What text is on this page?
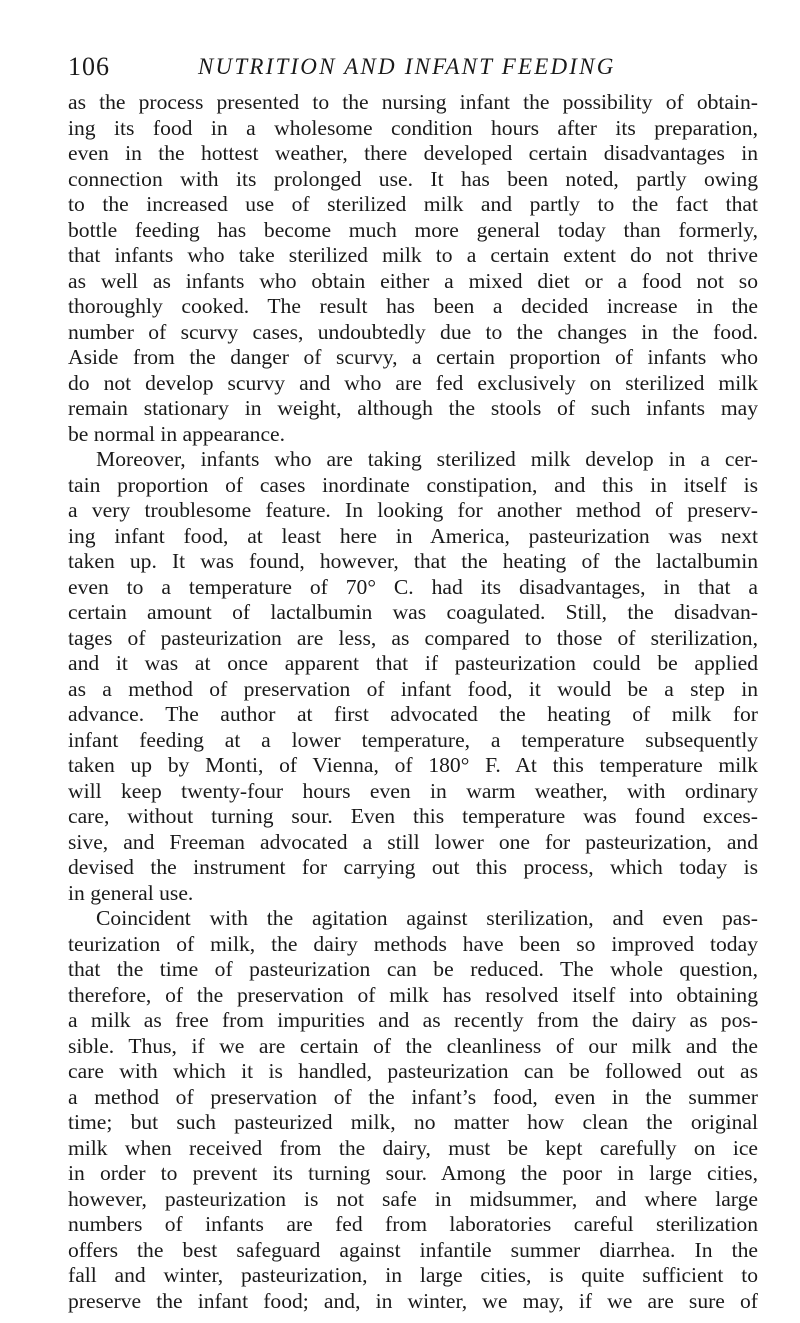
106	NUTRITION AND INFANT FEEDING

as the process presented to the nursing infant the possibility of obtain-
ing its food in a wholesome condition hours after its preparation,
even in the hottest weather, there developed certain disadvantages in
connection with its prolonged use. It has been noted, partly owing
to the increased use of sterilized milk and partly to the fact that
bottle feeding has become much more general today than formerly,
that infants who take sterilized milk to a certain extent do not thrive
as well as infants who obtain either a mixed diet or a food not so
thoroughly cooked. The result has been a decided increase in the
number of scurvy cases, undoubtedly due to the changes in the food.
Aside from the danger of scurvy, a certain proportion of infants who
do not develop scurvy and who are fed exclusively on sterilized milk
remain stationary in weight, although the stools of such infants may
be normal in appearance.

Moreover, infants who are taking sterilized milk develop in a cer-
tain proportion of cases inordinate constipation, and this in itself is
a very troublesome feature. In looking for another method of preserv-
ing infant food, at least here in America, pasteurization was next
taken up. It was found, however, that the heating of the lactalbumin
even to a temperature of 70° C. had its disadvantages, in that a
certain amount of lactalbumin was coagulated. Still, the disadvan-
tages of pasteurization are less, as compared to those of sterilization,
and it was at once apparent that if pasteurization could be applied
as a method of preservation of infant food, it would be a step in
advance. The author at first advocated the heating of milk for
infant feeding at a lower temperature, a temperature subsequently
taken up by Monti, of Vienna, of 180° F. At this temperature milk
will keep twenty-four hours even in warm weather, with ordinary
care, without turning sour. Even this temperature was found exces-
sive, and Freeman advocated a still lower one for pasteurization, and
devised the instrument for carrying out this process, which today is
in general use.

Coincident with the agitation against sterilization, and even pas-
teurization of milk, the dairy methods have been so improved today
that the time of pasteurization can be reduced. The whole question,
therefore, of the preservation of milk has resolved itself into obtaining
a milk as free from impurities and as recently from the dairy as pos-
sible. Thus, if we are certain of the cleanliness of our milk and the
care with which it is handled, pasteurization can be followed out as
a method of preservation of the infant’s food, even in the summer
time; but such pasteurized milk, no matter how clean the original
milk when received from the dairy, must be kept carefully on ice
in order to prevent its turning sour. Among the poor in large cities,
however, pasteurization is not safe in midsummer, and where large
numbers of infants are fed from laboratories careful sterilization
offers the best safeguard against infantile summer diarrhea. In the
fall and winter, pasteurization, in large cities, is quite sufficient to
preserve the infant food; and, in winter, we may, if we are sure of
